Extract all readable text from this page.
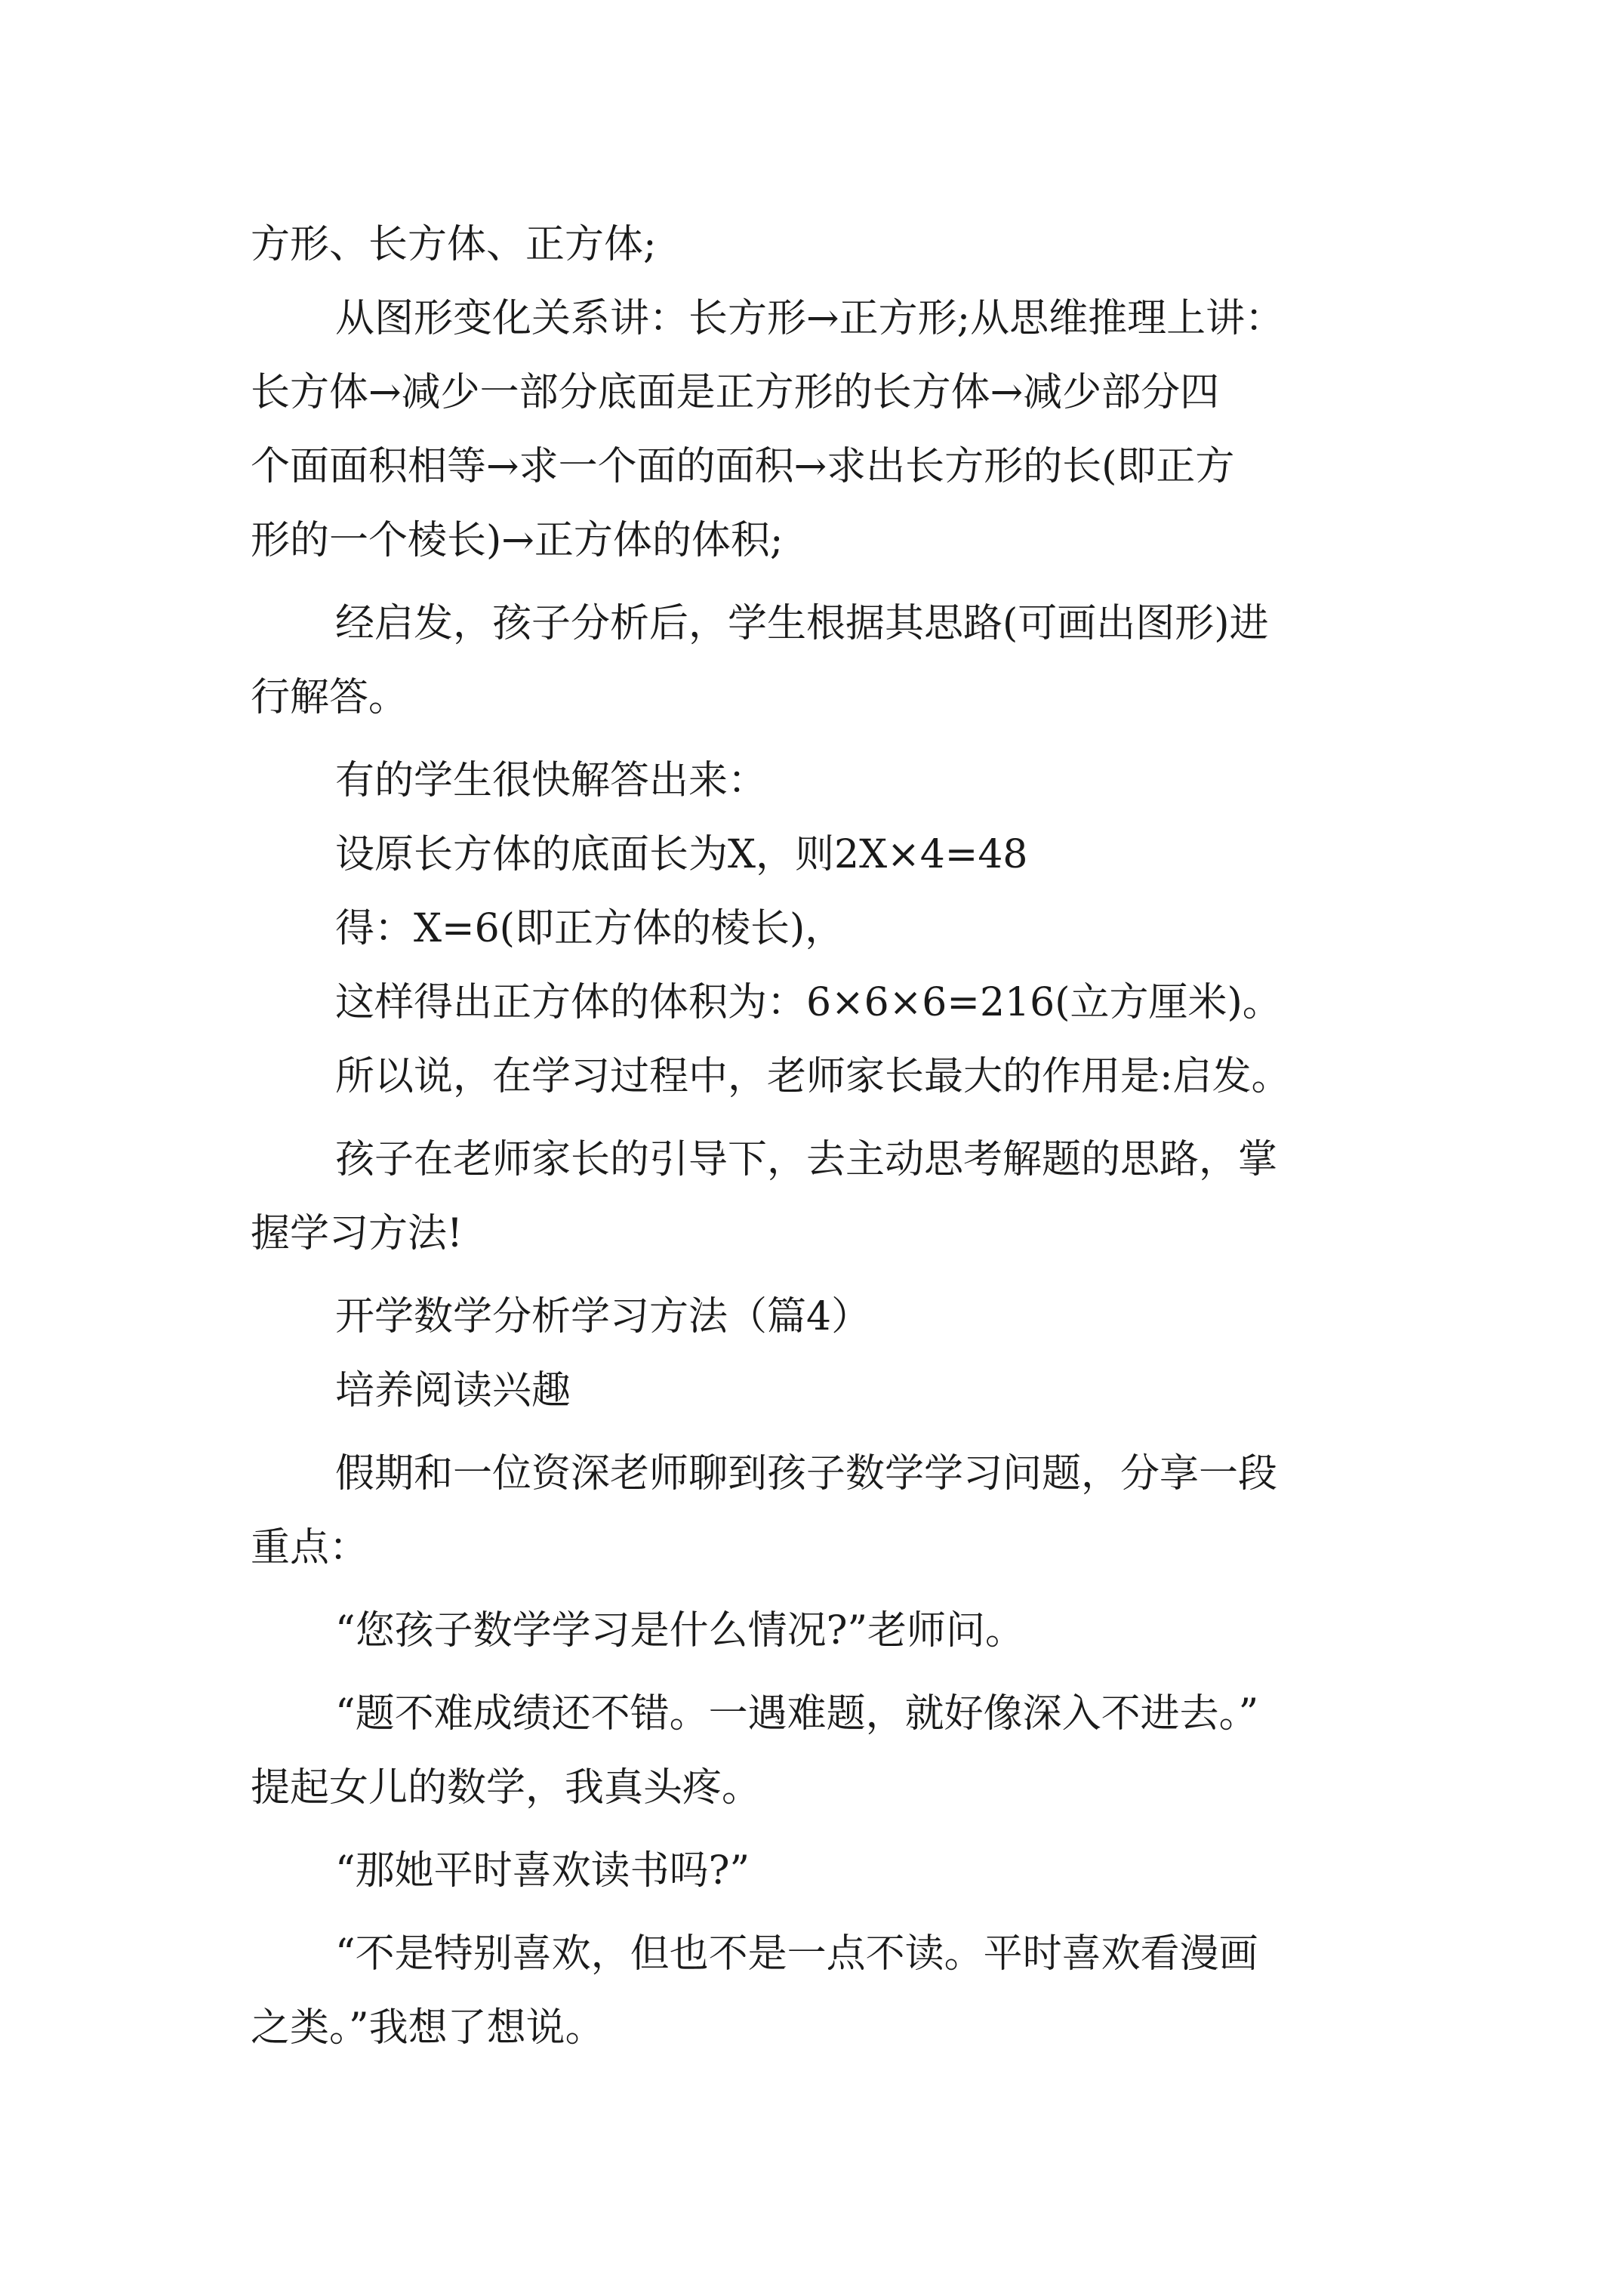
方形、长方体、正方体;

从图形变化关系讲：长方形→正方形;从思维推理上讲：

长方体→减少一部分底面是正方形的长方体→减少部分四

个面面积相等→求一个面的面积→求出长方形的长(即正方

形的一个棱长)→正方体的体积;

经启发，孩子分析后，学生根据其思路(可画出图形)进

行解答。

有的学生很快解答出来：

设原长方体的底面长为X，则2X×4=48

得：X=6(即正方体的棱长)，

这样得出正方体的体积为：6×6×6=216(立方厘米)。

所以说，在学习过程中，老师家长最大的作用是:启发。

孩子在老师家长的引导下，去主动思考解题的思路，掌

握学习方法!

开学数学分析学习方法（篇4）

培养阅读兴趣

假期和一位资深老师聊到孩子数学学习问题，分享一段

重点：

“您孩子数学学习是什么情况?”老师问。

“题不难成绩还不错。一遇难题，就好像深入不进去。”

提起女儿的数学，我真头疼。

“那她平时喜欢读书吗?”

“不是特别喜欢，但也不是一点不读。平时喜欢看漫画

之类。”我想了想说。
